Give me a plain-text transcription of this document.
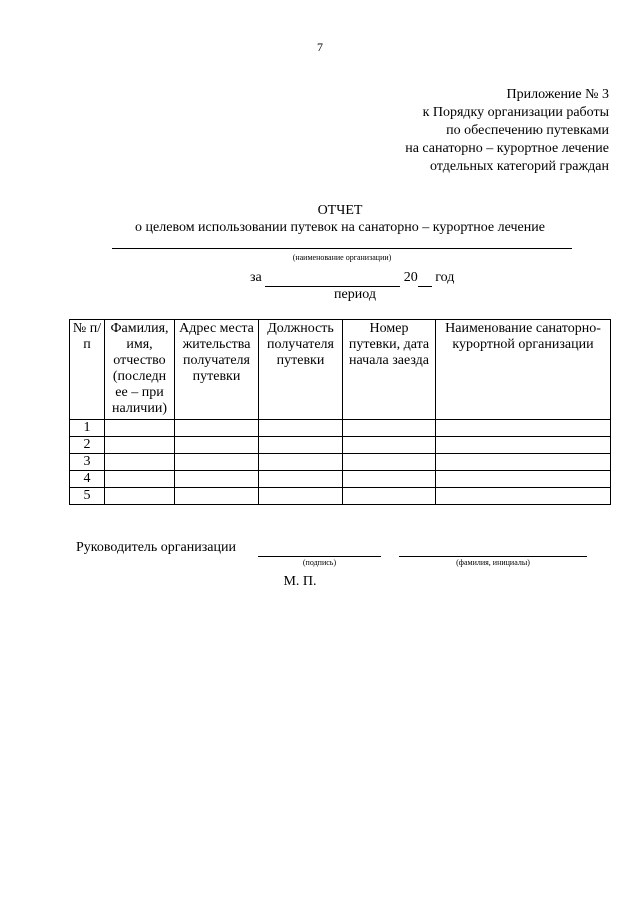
7
Приложение № 3
к Порядку организации работы
по обеспечению путевками
на санаторно – курортное лечение
отдельных категорий граждан
ОТЧЕТ
о целевом использовании путевок на санаторно – курортное лечение
(наименование организации)
за	20 год
период
№ п/п	Фамилия, имя, отчество (последн ее – при наличии)	Адрес места жительства получателя путевки	Должность получателя путевки	Номер путевки, дата начала заезда	Наименование санаторно-курортной организации
1					
2					
3					
4					
5					
Руководитель организации
(подпись)	(фамилия, инициалы)
М. П.
